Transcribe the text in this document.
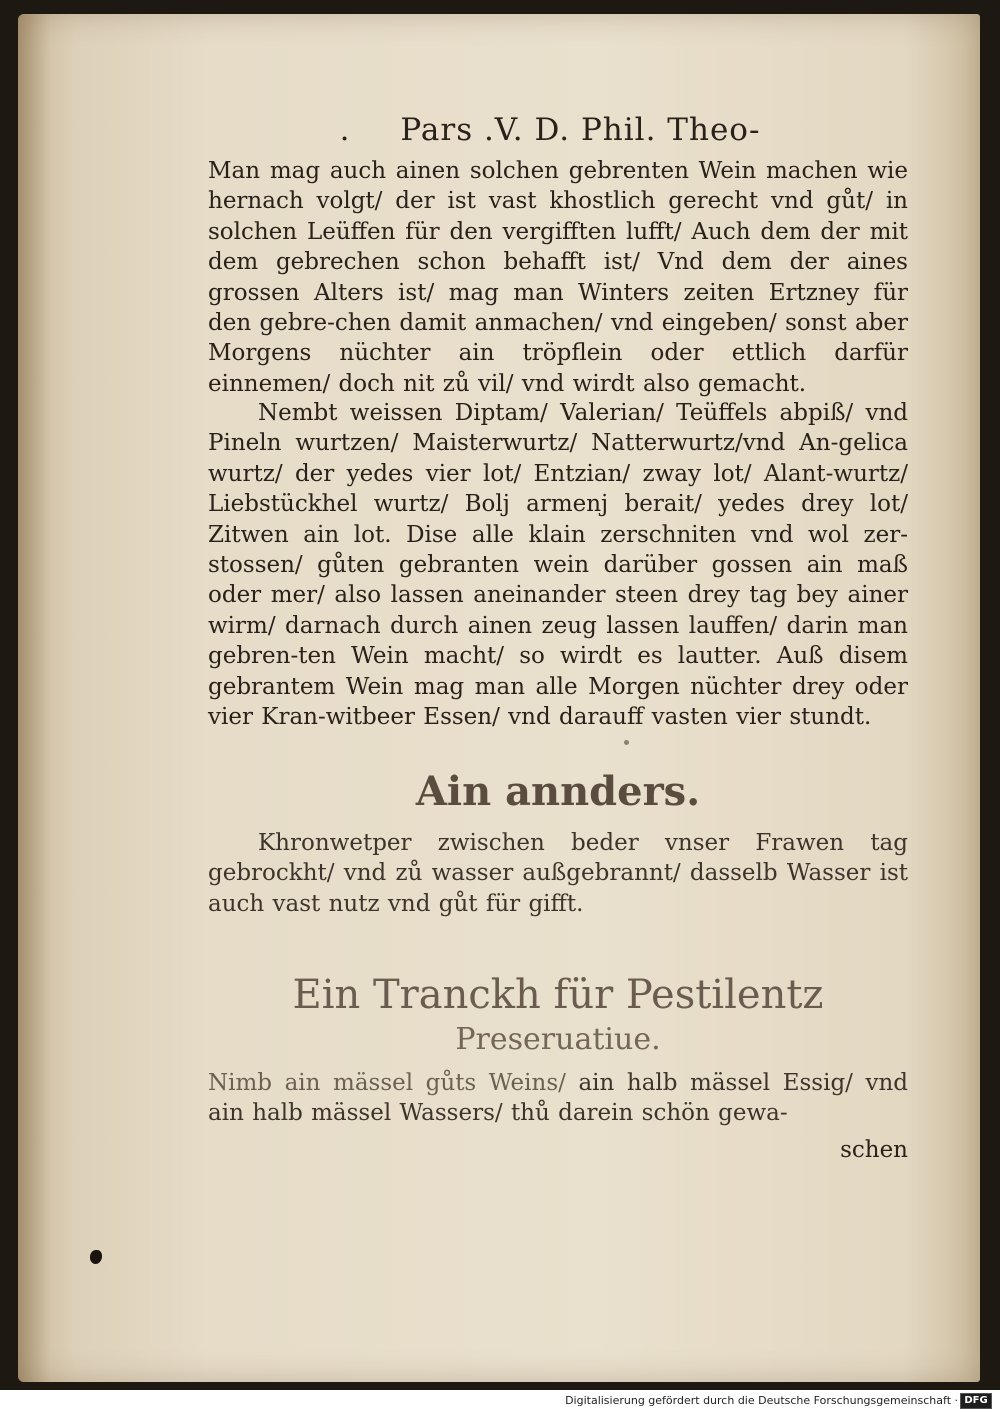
. Pars .V. D. Phil. Theo-
Man mag auch ainen solchen gebrenten Wein machen wie hernach volgt/ der ist vast khostlich gerecht vnd gůt/ in solchen Leüffen für den vergifften lufft/ Auch dem der mit dem gebrechen schon behafft ist/ Vnd dem der aines grossen Alters ist/ mag man Winters zeiten Ertzney für den gebre-chen damit anmachen/ vnd eingeben/ sonst aber Morgens nüchter ain tröpflein oder ettlich darfür einnemen/ doch nit zů vil/ vnd wirdt also gemacht.
Nembt weissen Diptam/ Valerian/ Teüffels abpiß/ vnd Pineln wurtzen/ Maisterwurtz/ Natterwurtz/vnd An-gelica wurtz/ der yedes vier lot/ Entzian/ zway lot/ Alant-wurtz/ Liebstückhel wurtz/ Bolj armenj berait/ yedes drey lot/ Zitwen ain lot. Dise alle klain zerschniten vnd wol zer-stossen/ gůten gebranten wein darüber gossen ain maß oder mer/ also lassen aneinander steen drey tag bey ainer wirm/ darnach durch ainen zeug lassen lauffen/ darin man gebren-ten Wein macht/ so wirdt es lautter. Auß disem gebrantem Wein mag man alle Morgen nüchter drey oder vier Kran-witbeer Essen/ vnd darauff vasten vier stundt.
Ain annders.
Khronwetper zwischen beder vnser Frawen tag gebrockht/ vnd zů wasser außgebrannt/ dasselb Wasser ist auch vast nutz vnd gůt für gifft.
Ein Tranckh für Pestilentz
Preseruatiue.
Nimb ain mässel gůts Weins/ ain halb mässel Essig/ vnd ain halb mässel Wassers/ thů darein schön gewa-
schen
Digitalisierung gefördert durch die Deutsche Forschungsgemeinschaft · DFG
